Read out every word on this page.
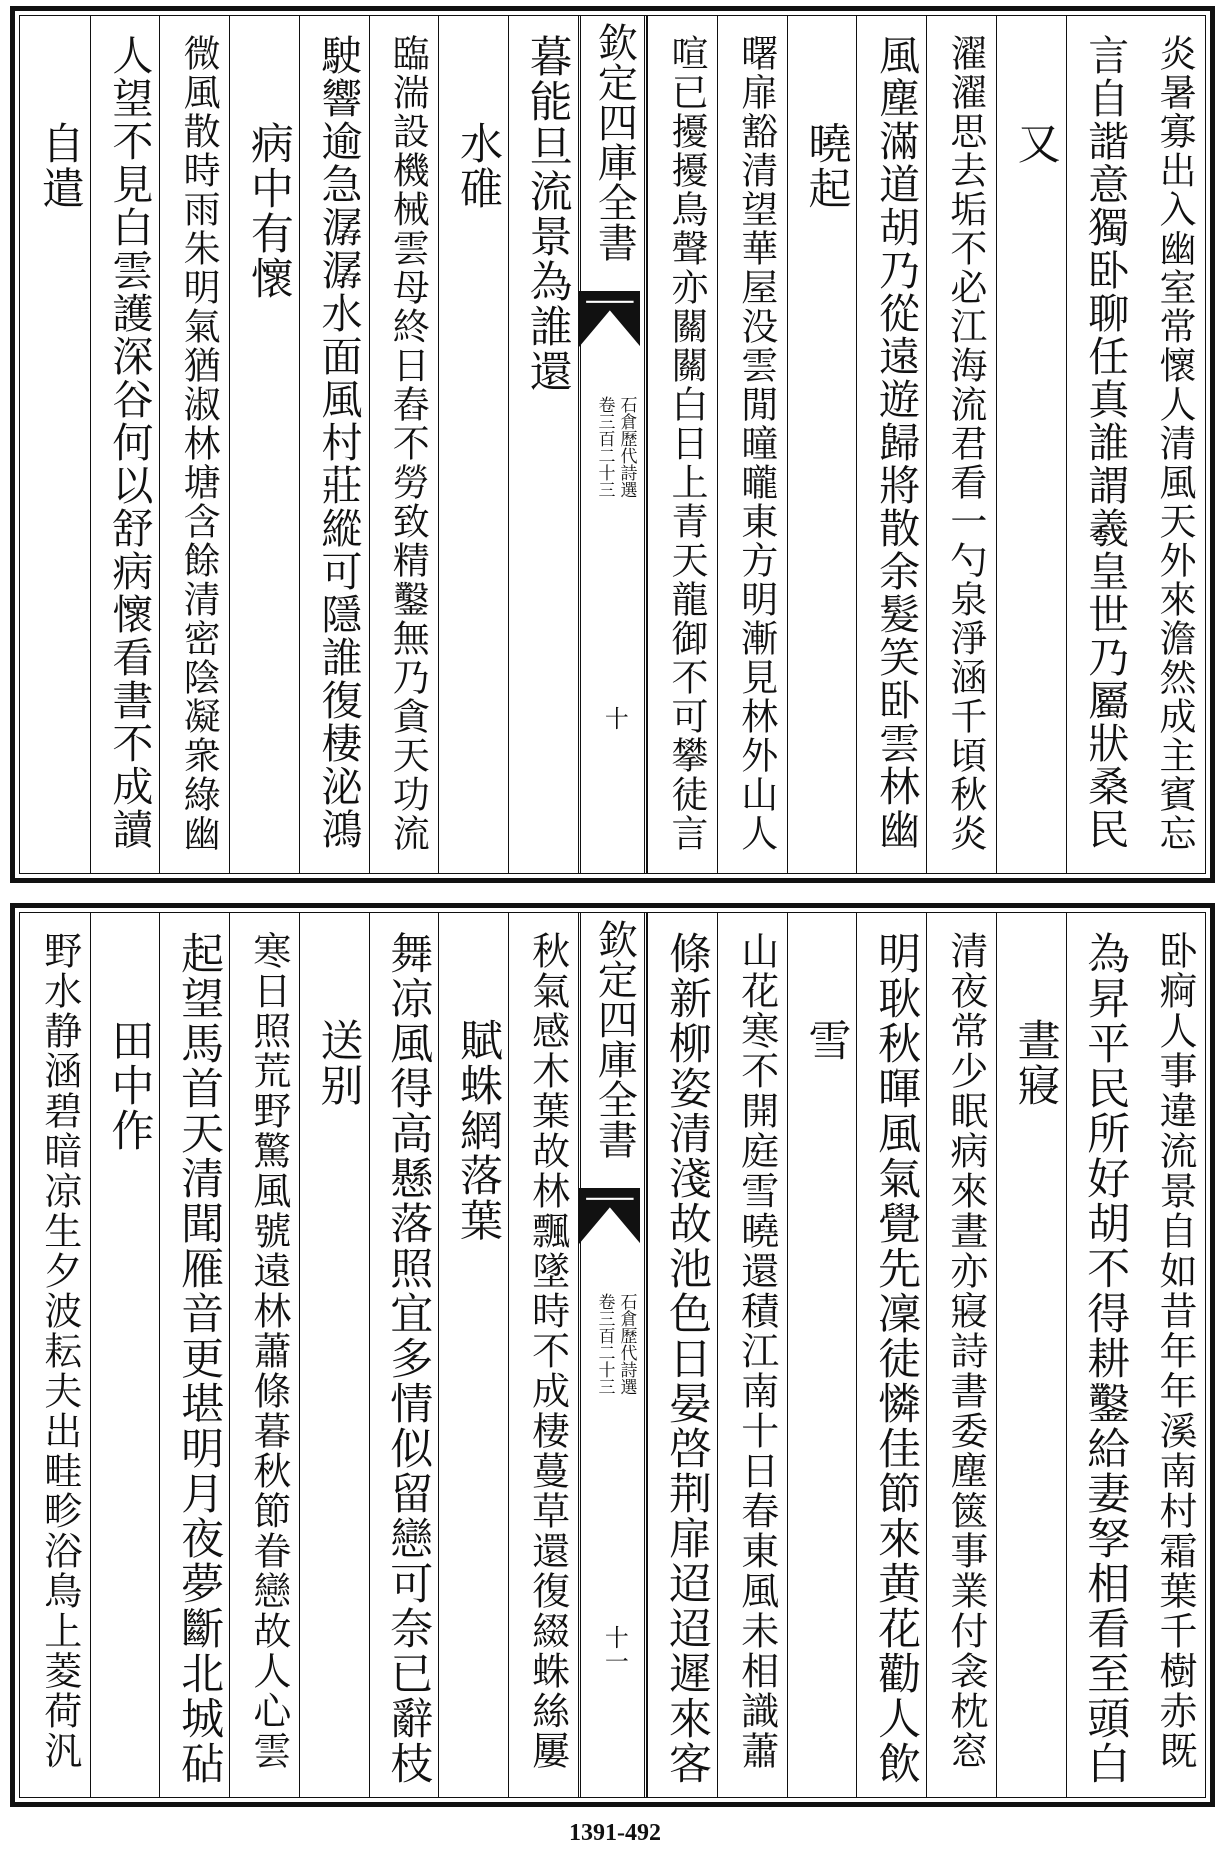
炎暑寡出入幽室常懷人清風天外來澹然成主賓忘
言自諧意獨卧聊任真誰謂羲皇世乃屬狀桑民
又
濯濯思去垢不必江海流君看一勺泉淨涵千頃秋炎
風塵滿道胡乃從遠遊歸將散余髮笑卧雲林幽
曉起
曙扉豁清望華屋没雲閒曈曨東方明漸見林外山人
喧已擾擾鳥聲亦關關白日上青天龍御不可攀徒言
欽定四庫全書
石倉歷代詩選
卷三百二十三
十
暮能旦流景為誰還
水碓
臨湍設機械雲母終日舂不勞致精鑿無乃貪天功流
駛響逾急潺潺水面風村莊縱可隱誰復棲泌鴻
病中有懷
微風散時雨朱明氣猶淑林塘含餘清密陰凝衆綠幽
人望不見白雲護深谷何以舒病懷看書不成讀
自遣
卧痾人事違流景自如昔年年溪南村霜葉千樹赤既
為昇平民所好胡不得耕鑿給妻孥相看至頭白
晝寢
清夜常少眠病來晝亦寢詩書委塵篋事業付衾枕窓
明耿秋暉風氣覺先凜徒憐佳節來黄花勸人飲
雪
山花寒不開庭雪曉還積江南十日春東風未相識蕭
條新柳姿清淺故池色日晏啓荆扉迢迢遲來客
欽定四庫全書
石倉歷代詩選
卷三百二十三
十一
秋氣感木葉故林飄墜時不成棲蔓草還復綴蛛絲屢
賦蛛網落葉
舞凉風得高懸落照宜多情似留戀可奈已辭枝
送别
寒日照荒野驚風號遠林蕭條暮秋節眷戀故人心雲
起望馬首天清聞雁音更堪明月夜夢斷北城砧
田中作
野水静涵碧暗凉生夕波耘夫出畦畛浴鳥上菱荷汎
1391-492
